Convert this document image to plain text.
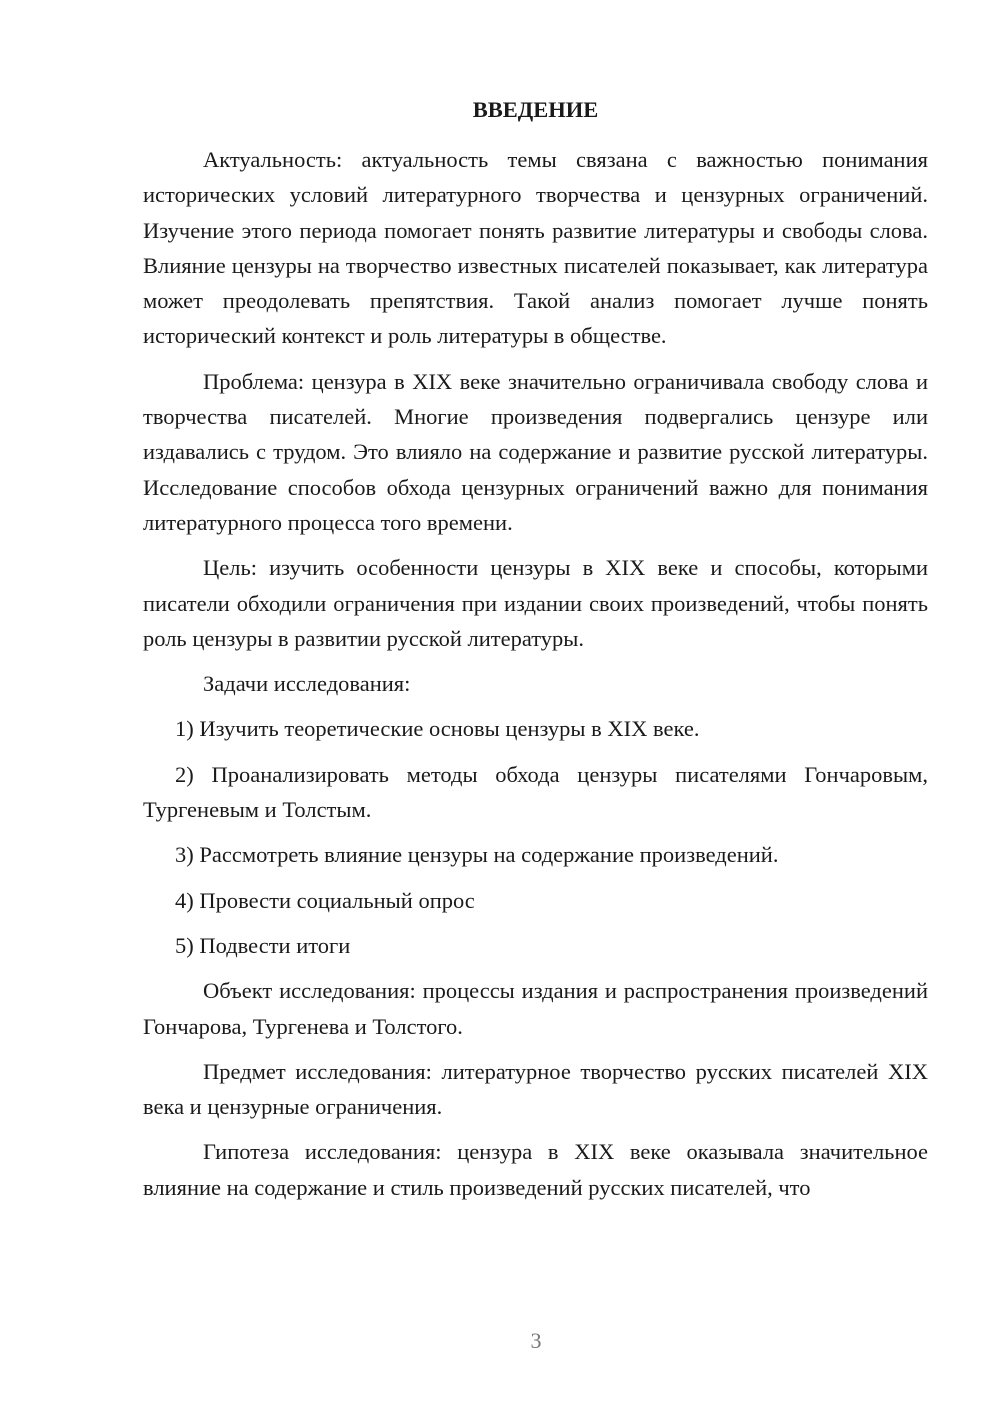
ВВЕДЕНИЕ

Актуальность: актуальность темы связана с важностью понимания исторических условий литературного творчества и цензурных ограничений. Изучение этого периода помогает понять развитие литературы и свободы слова. Влияние цензуры на творчество известных писателей показывает, как литература может преодолевать препятствия. Такой анализ помогает лучше понять исторический контекст и роль литературы в обществе.

Проблема: цензура в XIX веке значительно ограничивала свободу слова и творчества писателей. Многие произведения подвергались цензуре или издавались с трудом. Это влияло на содержание и развитие русской литературы. Исследование способов обхода цензурных ограничений важно для понимания литературного процесса того времени.

Цель: изучить особенности цензуры в XIX веке и способы, которыми писатели обходили ограничения при издании своих произведений, чтобы понять роль цензуры в развитии русской литературы.

Задачи исследования:

1) Изучить теоретические основы цензуры в XIX веке.

2) Проанализировать методы обхода цензуры писателями Гончаровым, Тургеневым и Толстым.

3) Рассмотреть влияние цензуры на содержание произведений.

4) Провести социальный опрос

5) Подвести итоги

Объект исследования: процессы издания и распространения произведений Гончарова, Тургенева и Толстого.

Предмет исследования: литературное творчество русских писателей XIX века и цензурные ограничения.

Гипотеза исследования: цензура в XIX веке оказывала значительное влияние на содержание и стиль произведений русских писателей, что

3
